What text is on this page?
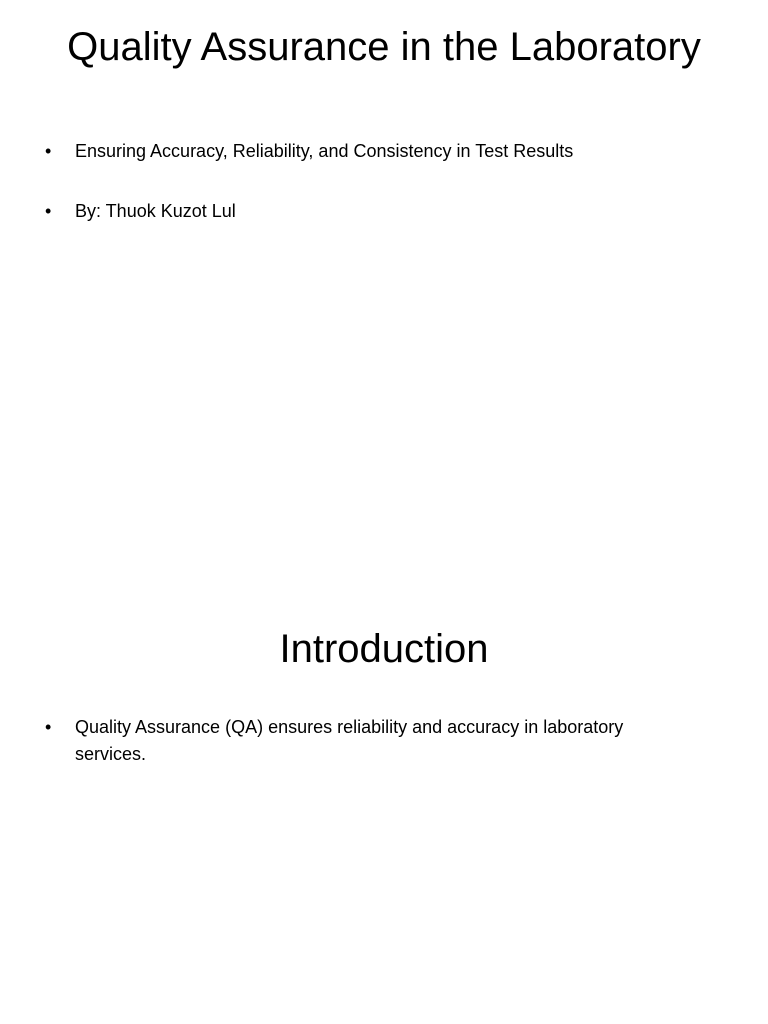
Quality Assurance in the Laboratory
• Ensuring Accuracy, Reliability, and Consistency in Test Results
• By: Thuok Kuzot Lul
Introduction
• Quality Assurance (QA) ensures reliability and accuracy in laboratory services.
